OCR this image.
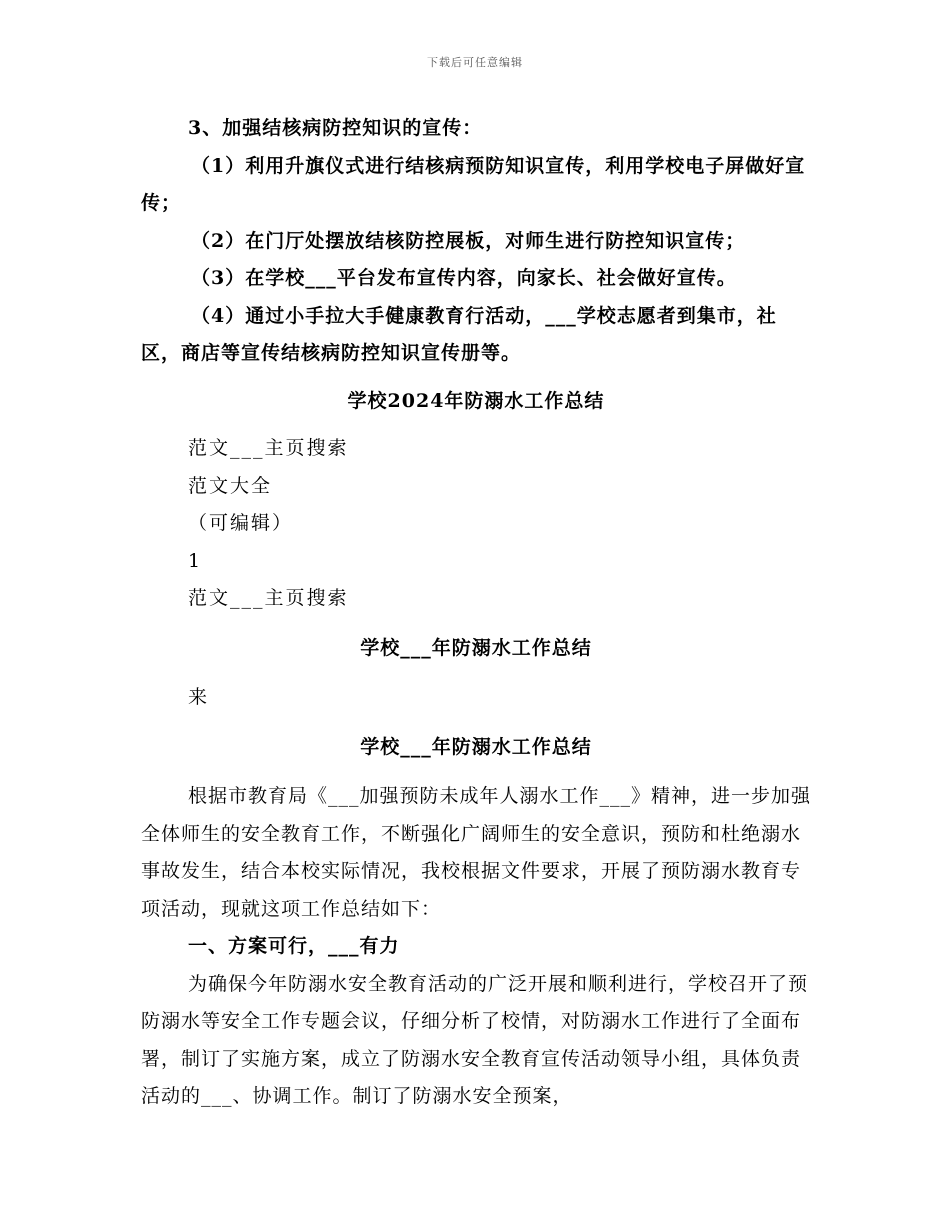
下载后可任意编辑

3、加强结核病防控知识的宣传：

（1）利用升旗仪式进行结核病预防知识宣传，利用学校电子屏做好宣传；

（2）在门厅处摆放结核防控展板，对师生进行防控知识宣传；

（3）在学校___平台发布宣传内容，向家长、社会做好宣传。

（4）通过小手拉大手健康教育行活动，___学校志愿者到集市，社区，商店等宣传结核病防控知识宣传册等。

学校2024年防溺水工作总结

范文___主页搜索

范文大全

（可编辑）

1

范文___主页搜索

学校___年防溺水工作总结

来

学校___年防溺水工作总结

根据市教育局《___加强预防未成年人溺水工作___》精神，进一步加强全体师生的安全教育工作，不断强化广阔师生的安全意识，预防和杜绝溺水事故发生，结合本校实际情况，我校根据文件要求，开展了预防溺水教育专项活动，现就这项工作总结如下：

一、方案可行，___有力

为确保今年防溺水安全教育活动的广泛开展和顺利进行，学校召开了预防溺水等安全工作专题会议，仔细分析了校情，对防溺水工作进行了全面布署，制订了实施方案，成立了防溺水安全教育宣传活动领导小组，具体负责活动的___、协调工作。制订了防溺水安全预案，
